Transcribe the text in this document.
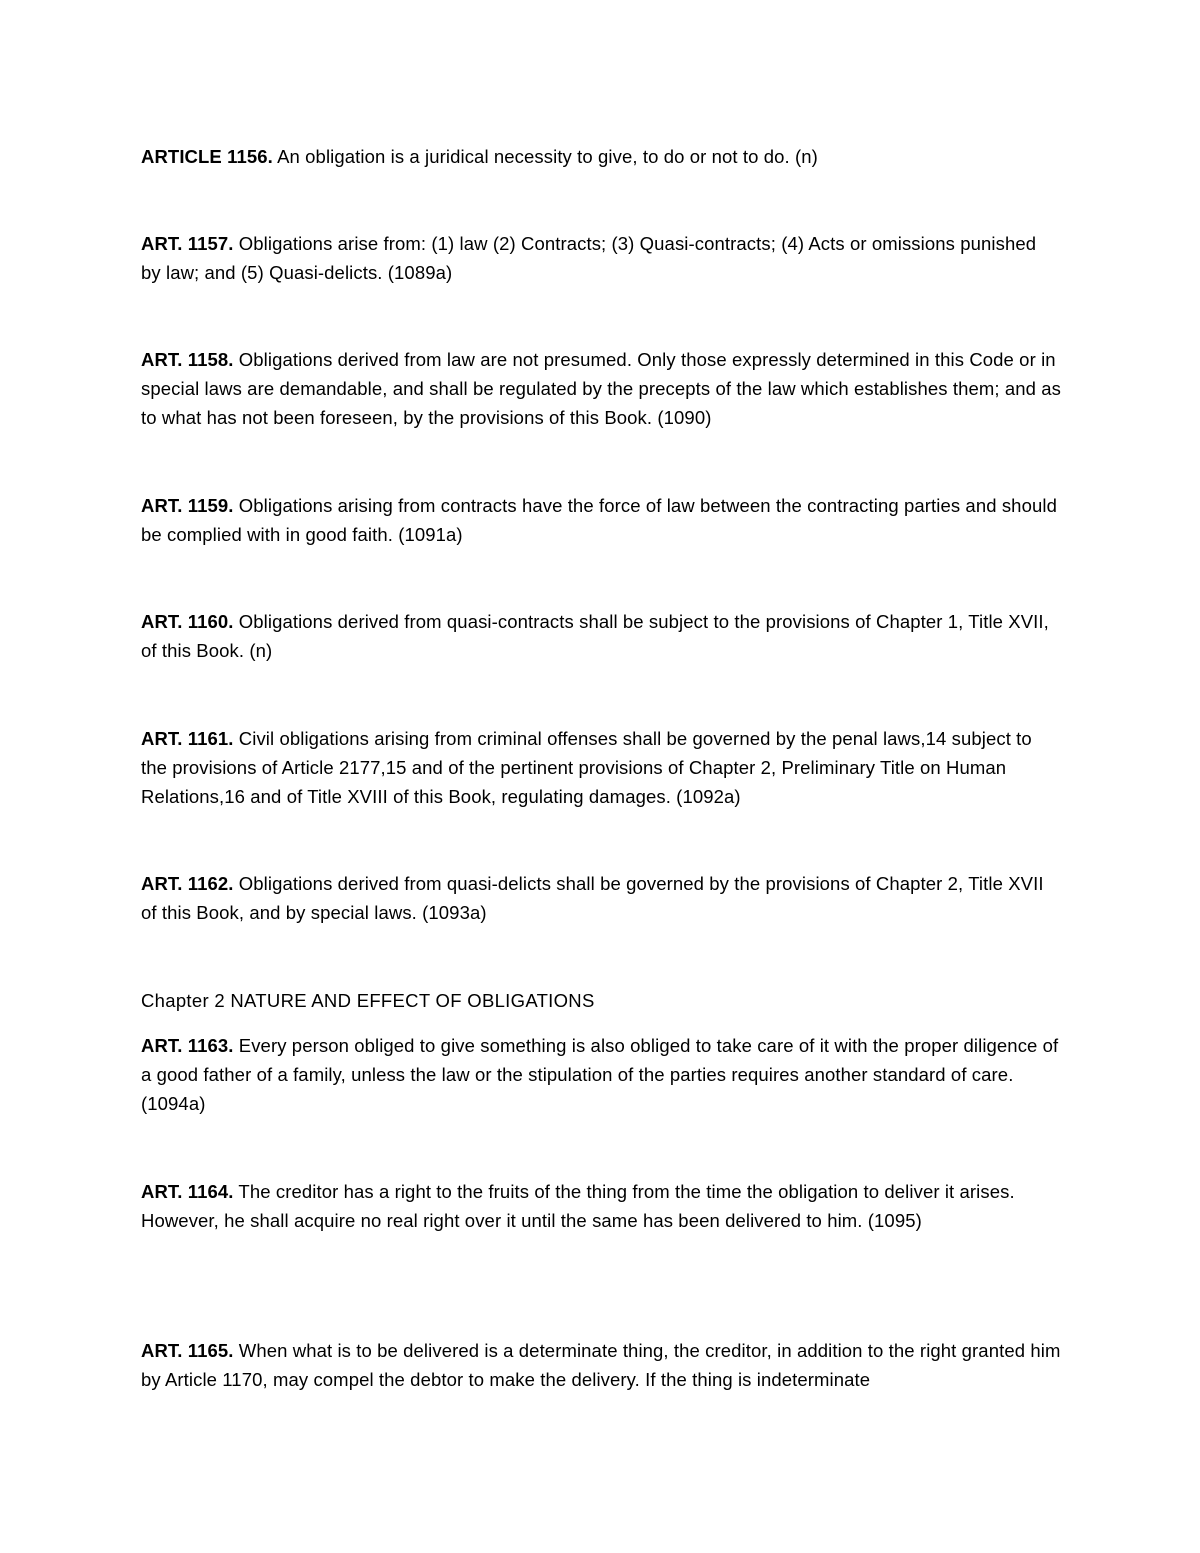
ARTICLE 1156. An obligation is a juridical necessity to give, to do or not to do. (n)

ART. 1157. Obligations arise from: (1) law (2) Contracts; (3) Quasi-contracts; (4) Acts or omissions punished by law; and (5) Quasi-delicts. (1089a)

ART. 1158. Obligations derived from law are not presumed. Only those expressly determined in this Code or in special laws are demandable, and shall be regulated by the precepts of the law which establishes them; and as to what has not been foreseen, by the provisions of this Book. (1090)

ART. 1159. Obligations arising from contracts have the force of law between the contracting parties and should be complied with in good faith. (1091a)

ART. 1160. Obligations derived from quasi-contracts shall be subject to the provisions of Chapter 1, Title XVII, of this Book. (n)

ART. 1161. Civil obligations arising from criminal offenses shall be governed by the penal laws,14 subject to the provisions of Article 2177,15 and of the pertinent provisions of Chapter 2, Preliminary Title on Human Relations,16 and of Title XVIII of this Book, regulating damages. (1092a)

ART. 1162. Obligations derived from quasi-delicts shall be governed by the provisions of Chapter 2, Title XVII of this Book, and by special laws. (1093a)

Chapter 2 NATURE AND EFFECT OF OBLIGATIONS

ART. 1163. Every person obliged to give something is also obliged to take care of it with the proper diligence of a good father of a family, unless the law or the stipulation of the parties requires another standard of care. (1094a)

ART. 1164. The creditor has a right to the fruits of the thing from the time the obligation to deliver it arises. However, he shall acquire no real right over it until the same has been delivered to him. (1095)

ART. 1165. When what is to be delivered is a determinate thing, the creditor, in addition to the right granted him by Article 1170, may compel the debtor to make the delivery. If the thing is indeterminate
